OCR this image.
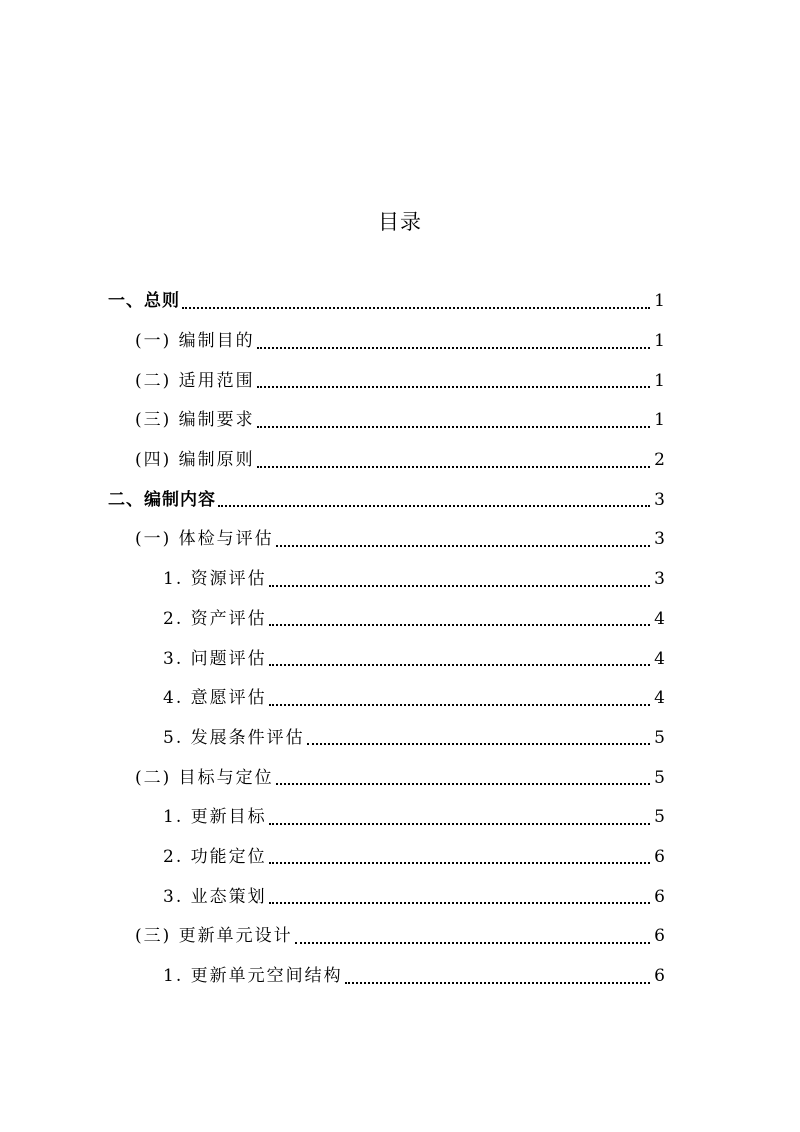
目录
一、总则	1
(一) 编制目的	1
(二) 适用范围	1
(三) 编制要求	1
(四) 编制原则	2
二、编制内容	3
(一) 体检与评估	3
1. 资源评估	3
2. 资产评估	4
3. 问题评估	4
4. 意愿评估	4
5. 发展条件评估	5
(二) 目标与定位	5
1. 更新目标	5
2. 功能定位	6
3. 业态策划	6
(三) 更新单元设计	6
1. 更新单元空间结构	6
